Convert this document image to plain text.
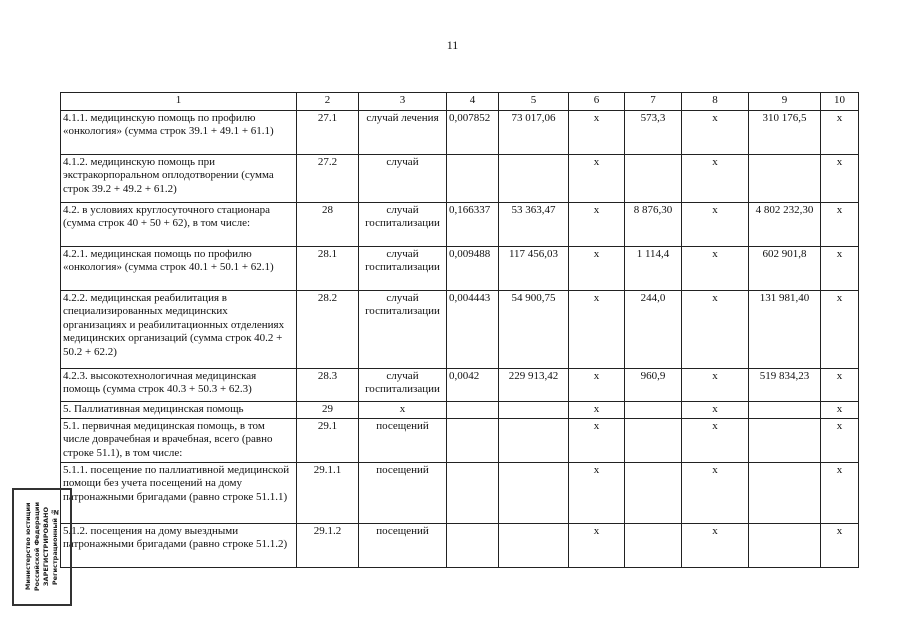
11
1	2	3	4	5	6	7	8	9	10
4.1.1. медицинскую помощь по профилю «онкология» (сумма строк 39.1 + 49.1 + 61.1)	27.1	случай лечения	0,007852	73 017,06	х	573,3	х	310 176,5	х
4.1.2. медицинскую помощь при экстракорпоральном оплодотворении (сумма строк 39.2 + 49.2 + 61.2)	27.2	случай			х		х		х
4.2. в условиях круглосуточного стационара (сумма строк 40 + 50 + 62), в том числе:	28	случай госпитализации	0,166337	53 363,47	х	8 876,30	х	4 802 232,30	х
4.2.1. медицинская помощь по профилю «онкология» (сумма строк 40.1 + 50.1 + 62.1)	28.1	случай госпитализации	0,009488	117 456,03	х	1 114,4	х	602 901,8	х
4.2.2. медицинская реабилитация в специализированных медицинских организациях и реабилитационных отделениях медицинских организаций (сумма строк 40.2 + 50.2 + 62.2)	28.2	случай госпитализации	0,004443	54 900,75	х	244,0	х	131 981,40	х
4.2.3. высокотехнологичная медицинская помощь (сумма строк 40.3 + 50.3 + 62.3)	28.3	случай госпитализации	0,0042	229 913,42	х	960,9	х	519 834,23	х
5. Паллиативная медицинская помощь	29	х			х		х		х
5.1. первичная медицинская помощь, в том числе доврачебная и врачебная, всего (равно строке 51.1), в том числе:	29.1	посещений			х		х		х
5.1.1. посещение по паллиативной медицинской помощи без учета посещений на дому патронажными бригадами (равно строке 51.1.1)	29.1.1	посещений			х		х		х
5.1.2. посещения на дому выездными патронажными бригадами (равно строке 51.1.2)	29.1.2	посещений			х		х		х
Министерство юстиции Российской Федерации ЗАРЕГИСТРИРОВАНО Регистрационный №
